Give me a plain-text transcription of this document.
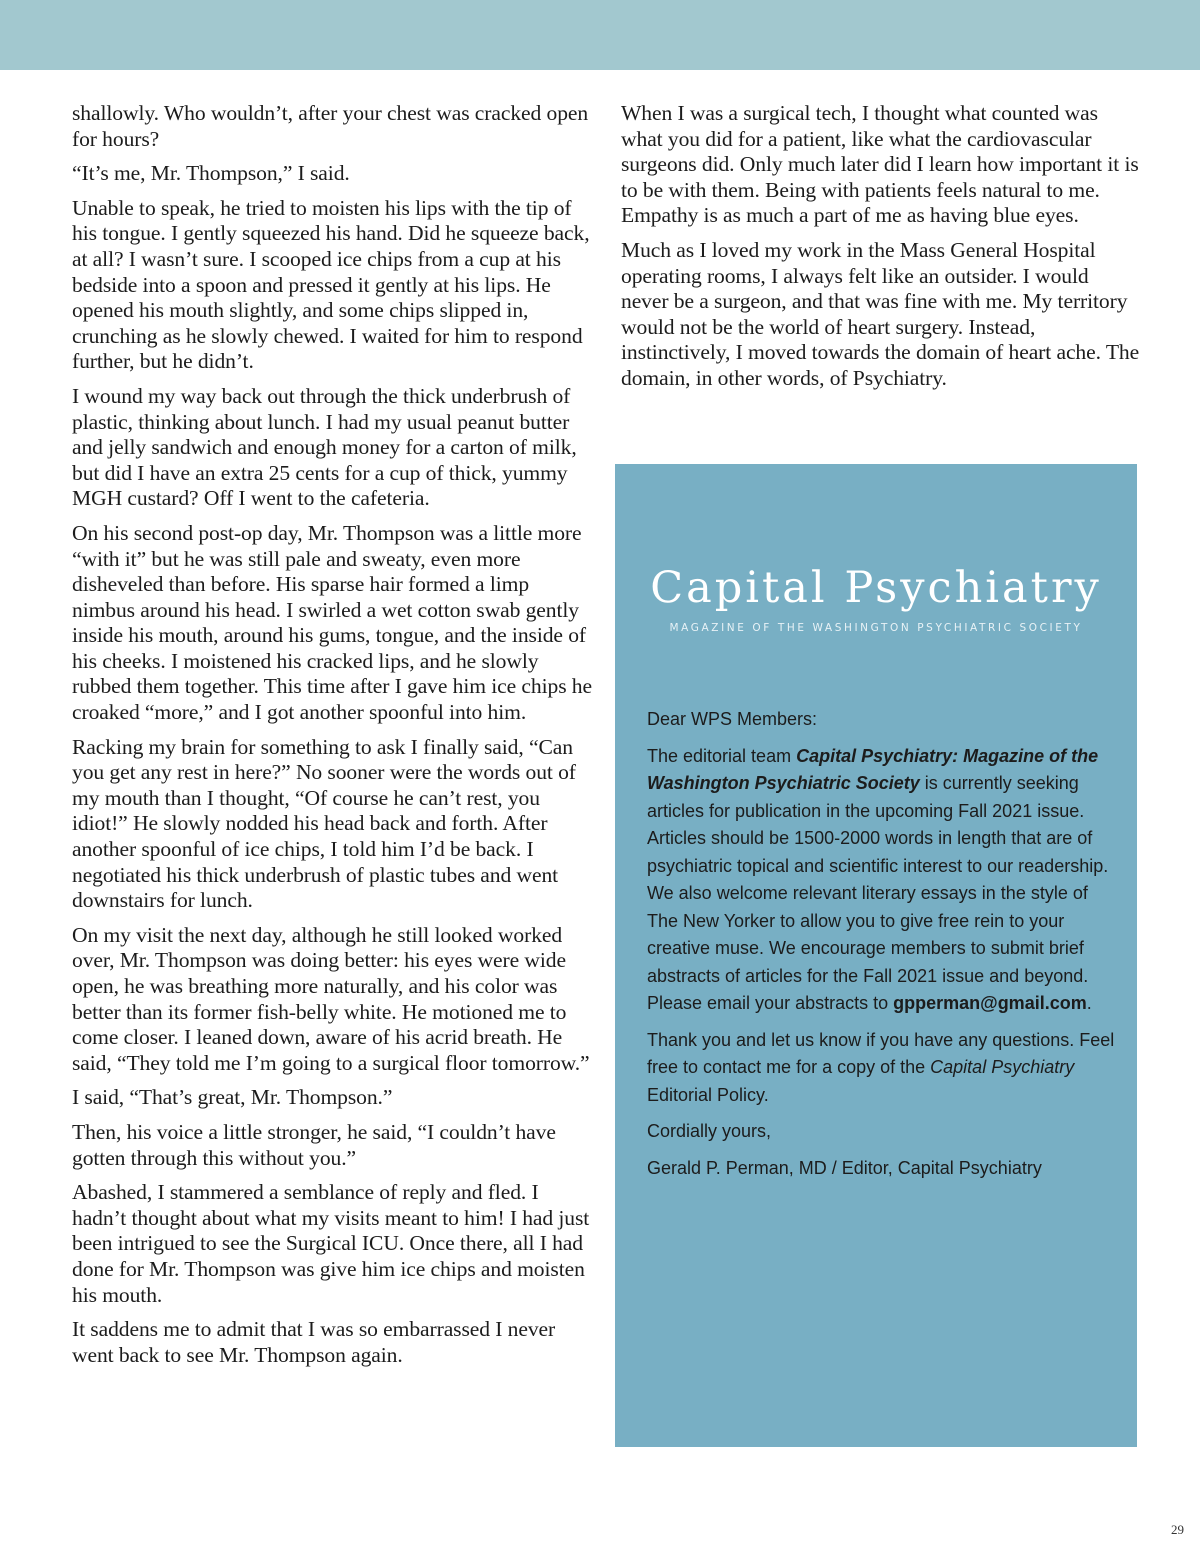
shallowly. Who wouldn’t, after your chest was cracked open for hours?

“It’s me, Mr. Thompson,” I said.

Unable to speak, he tried to moisten his lips with the tip of his tongue. I gently squeezed his hand. Did he squeeze back, at all? I wasn’t sure. I scooped ice chips from a cup at his bedside into a spoon and pressed it gently at his lips. He opened his mouth slightly, and some chips slipped in, crunching as he slowly chewed. I waited for him to respond further, but he didn’t.

I wound my way back out through the thick underbrush of plastic, thinking about lunch. I had my usual peanut butter and jelly sandwich and enough money for a carton of milk, but did I have an extra 25 cents for a cup of thick, yummy MGH custard? Off I went to the cafeteria.

On his second post-op day, Mr. Thompson was a little more “with it” but he was still pale and sweaty, even more disheveled than before. His sparse hair formed a limp nimbus around his head. I swirled a wet cotton swab gently inside his mouth, around his gums, tongue, and the inside of his cheeks. I moistened his cracked lips, and he slowly rubbed them together. This time after I gave him ice chips he croaked “more,” and I got another spoonful into him.

Racking my brain for something to ask I finally said, “Can you get any rest in here?” No sooner were the words out of my mouth than I thought, “Of course he can’t rest, you idiot!” He slowly nodded his head back and forth. After another spoonful of ice chips, I told him I’d be back. I negotiated his thick underbrush of plastic tubes and went downstairs for lunch.

On my visit the next day, although he still looked worked over, Mr. Thompson was doing better: his eyes were wide open, he was breathing more naturally, and his color was better than its former fish-belly white. He motioned me to come closer. I leaned down, aware of his acrid breath. He said, “They told me I’m going to a surgical floor tomorrow.”

I said, “That’s great, Mr. Thompson.”

Then, his voice a little stronger, he said, “I couldn’t have gotten through this without you.”

Abashed, I stammered a semblance of reply and fled. I hadn’t thought about what my visits meant to him! I had just been intrigued to see the Surgical ICU. Once there, all I had done for Mr. Thompson was give him ice chips and moisten his mouth.

It saddens me to admit that I was so embarrassed I never went back to see Mr. Thompson again.

When I was a surgical tech, I thought what counted was what you did for a patient, like what the cardiovascular surgeons did. Only much later did I learn how important it is to be with them. Being with patients feels natural to me. Empathy is as much a part of me as having blue eyes.

Much as I loved my work in the Mass General Hospital operating rooms, I always felt like an outsider. I would never be a surgeon, and that was fine with me. My territory would not be the world of heart surgery. Instead, instinctively, I moved towards the domain of heart ache. The domain, in other words, of Psychiatry.

Capital Psychiatry
MAGAZINE OF THE WASHINGTON PSYCHIATRIC SOCIETY

Dear WPS Members:

The editorial team Capital Psychiatry: Magazine of the Washington Psychiatric Society is currently seeking articles for publication in the upcoming Fall 2021 issue. Articles should be 1500-2000 words in length that are of psychiatric topical and scientific interest to our readership. We also welcome relevant literary essays in the style of The New Yorker to allow you to give free rein to your creative muse. We encourage members to submit brief abstracts of articles for the Fall 2021 issue and beyond. Please email your abstracts to gpperman@gmail.com.

Thank you and let us know if you have any questions. Feel free to contact me for a copy of the Capital Psychiatry Editorial Policy.

Cordially yours,

Gerald P. Perman, MD / Editor, Capital Psychiatry

29
